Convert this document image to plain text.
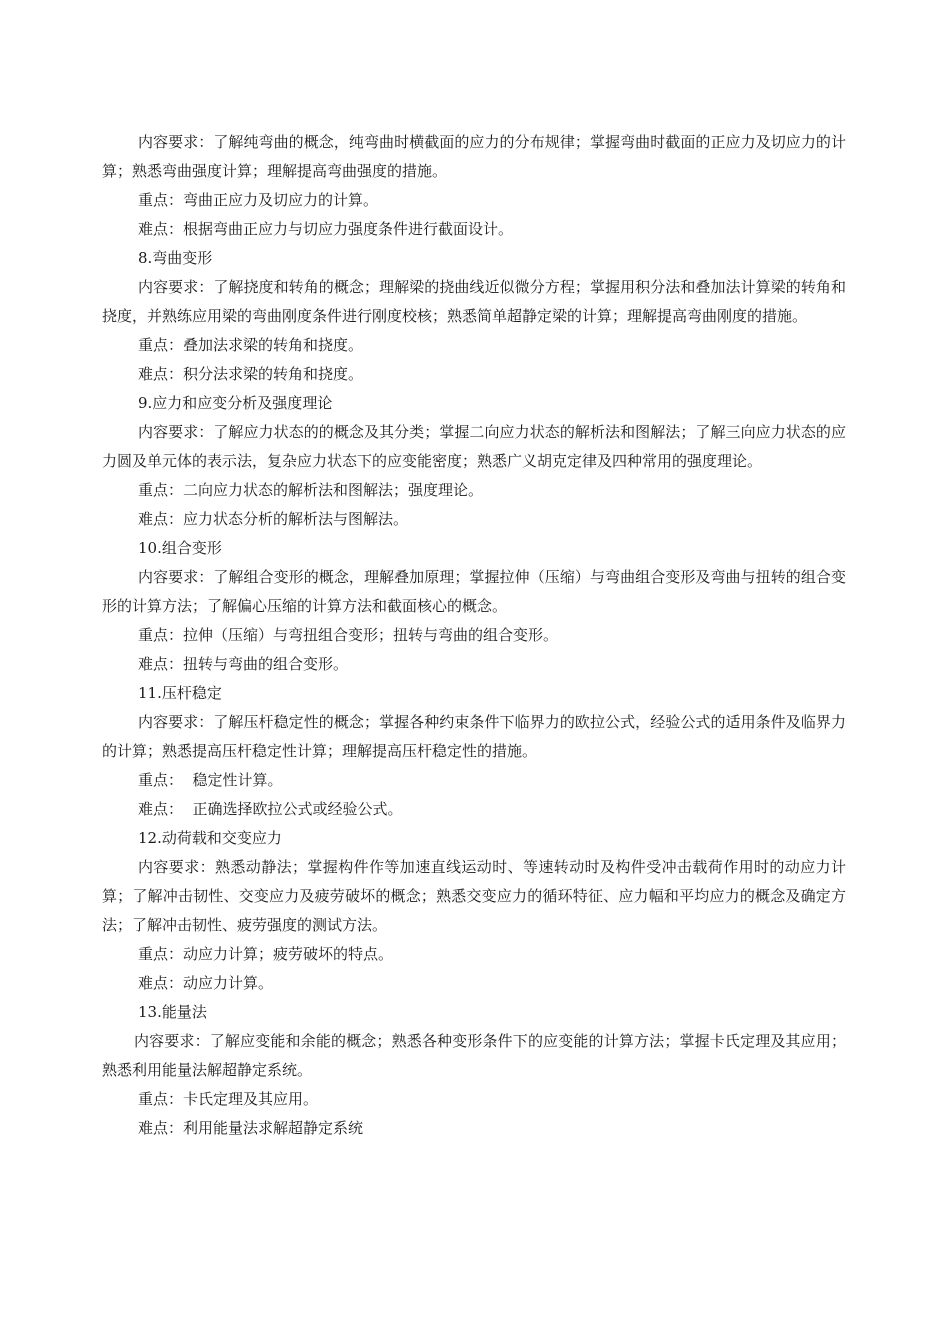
内容要求：了解纯弯曲的概念，纯弯曲时横截面的应力的分布规律；掌握弯曲时截面的正应力及切应力的计算；熟悉弯曲强度计算；理解提高弯曲强度的措施。

重点：弯曲正应力及切应力的计算。

难点：根据弯曲正应力与切应力强度条件进行截面设计。

8.弯曲变形

内容要求：了解挠度和转角的概念；理解梁的挠曲线近似微分方程；掌握用积分法和叠加法计算梁的转角和挠度，并熟练应用梁的弯曲刚度条件进行刚度校核；熟悉简单超静定梁的计算；理解提高弯曲刚度的措施。

重点：叠加法求梁的转角和挠度。

难点：积分法求梁的转角和挠度。

9.应力和应变分析及强度理论

内容要求：了解应力状态的的概念及其分类；掌握二向应力状态的解析法和图解法；了解三向应力状态的应力圆及单元体的表示法，复杂应力状态下的应变能密度；熟悉广义胡克定律及四种常用的强度理论。

重点：二向应力状态的解析法和图解法；强度理论。

难点：应力状态分析的解析法与图解法。

10.组合变形

内容要求：了解组合变形的概念，理解叠加原理；掌握拉伸（压缩）与弯曲组合变形及弯曲与扭转的组合变形的计算方法；了解偏心压缩的计算方法和截面核心的概念。

重点：拉伸（压缩）与弯扭组合变形；扭转与弯曲的组合变形。

难点：扭转与弯曲的组合变形。

11.压杆稳定

内容要求：了解压杆稳定性的概念；掌握各种约束条件下临界力的欧拉公式，经验公式的适用条件及临界力的计算；熟悉提高压杆稳定性计算；理解提高压杆稳定性的措施。

重点：  稳定性计算。

难点：  正确选择欧拉公式或经验公式。

12.动荷载和交变应力

内容要求：熟悉动静法；掌握构件作等加速直线运动时、等速转动时及构件受冲击载荷作用时的动应力计算；了解冲击韧性、交变应力及疲劳破坏的概念；熟悉交变应力的循环特征、应力幅和平均应力的概念及确定方法；了解冲击韧性、疲劳强度的测试方法。

重点：动应力计算；疲劳破坏的特点。

难点：动应力计算。

13.能量法

内容要求：了解应变能和余能的概念；熟悉各种变形条件下的应变能的计算方法；掌握卡氏定理及其应用；熟悉利用能量法解超静定系统。

重点：卡氏定理及其应用。

难点：利用能量法求解超静定系统
